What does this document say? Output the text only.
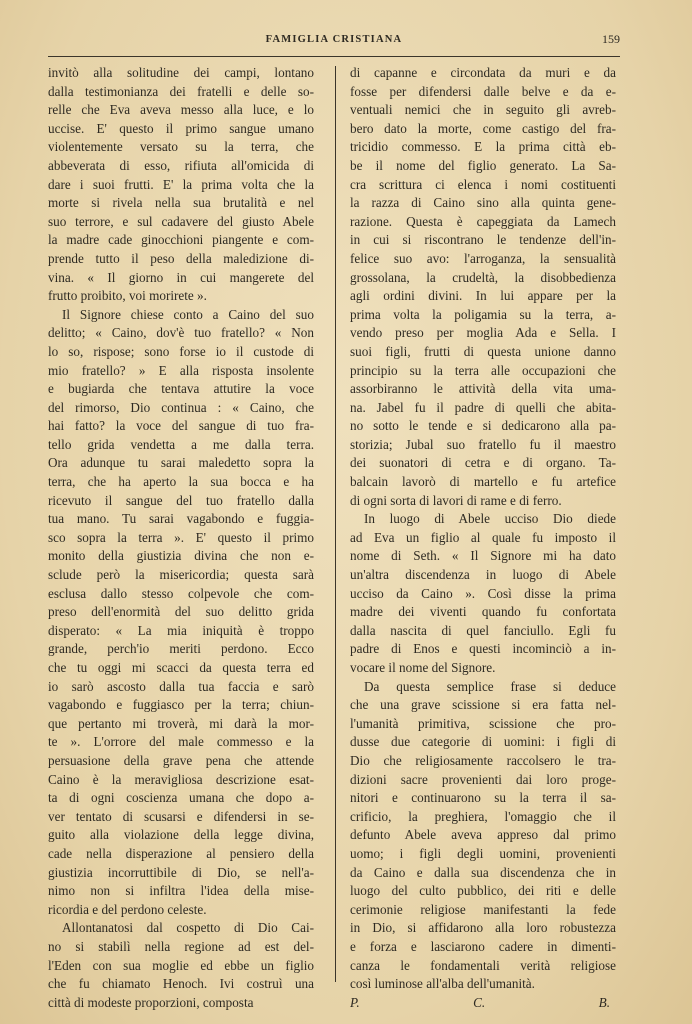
FAMIGLIA CRISTIANA	159
invitò alla solitudine dei campi, lontano
dalla testimonianza dei fratelli e delle so-
relle che Eva aveva messo alla luce, e lo
uccise. E' questo il primo sangue umano
violentemente versato su la terra, che
abbeverata di esso, rifiuta all'omicida di
dare i suoi frutti. E' la prima volta che la
morte si rivela nella sua brutalità e nel
suo terrore, e sul cadavere del giusto Abele
la madre cade ginocchioni piangente e com-
prende tutto il peso della maledizione di-
vina. « Il giorno in cui mangerete del
frutto proibito, voi morirete ».
Il Signore chiese conto a Caino del suo
delitto; « Caino, dov'è tuo fratello? « Non
lo so, rispose; sono forse io il custode di
mio fratello? » E alla risposta insolente
e bugiarda che tentava attutire la voce
del rimorso, Dio continua : « Caino, che
hai fatto? la voce del sangue di tuo fra-
tello grida vendetta a me dalla terra.
Ora adunque tu sarai maledetto sopra la
terra, che ha aperto la sua bocca e ha
ricevuto il sangue del tuo fratello dalla
tua mano. Tu sarai vagabondo e fuggia-
sco sopra la terra ». E' questo il primo
monito della giustizia divina che non e-
sclude però la misericordia; questa sarà
esclusa dallo stesso colpevole che com-
preso dell'enormità del suo delitto grida
disperato: « La mia iniquità è troppo
grande, perch'io meriti perdono. Ecco
che tu oggi mi scacci da questa terra ed
io sarò ascosto dalla tua faccia e sarò
vagabondo e fuggiasco per la terra; chiun-
que pertanto mi troverà, mi darà la mor-
te ». L'orrore del male commesso e la
persuasione della grave pena che attende
Caino è la meravigliosa descrizione esat-
ta di ogni coscienza umana che dopo a-
ver tentato di scusarsi e difendersi in se-
guito alla violazione della legge divina,
cade nella disperazione al pensiero della
giustizia incorruttibile di Dio, se nell'a-
nimo non si infiltra l'idea della mise-
ricordia e del perdono celeste.
Allontanatosi dal cospetto di Dio Cai-
no si stabilì nella regione ad est del-
l'Eden con sua moglie ed ebbe un figlio
che fu chiamato Henoch. Ivi costruì una
città di modeste proporzioni, composta
di capanne e circondata da muri e da
fosse per difendersi dalle belve e da e-
ventuali nemici che in seguito gli avreb-
bero dato la morte, come castigo del fra-
tricidio commesso. E la prima città eb-
be il nome del figlio generato. La Sa-
cra scrittura ci elenca i nomi costituenti
la razza di Caino sino alla quinta gene-
razione. Questa è capeggiata da Lamech
in cui si riscontrano le tendenze dell'in-
felice suo avo: l'arroganza, la sensualità
grossolana, la crudeltà, la disobbedienza
agli ordini divini. In lui appare per la
prima volta la poligamia su la terra, a-
vendo preso per moglia Ada e Sella. I
suoi figli, frutti di questa unione danno
principio su la terra alle occupazioni che
assorbiranno le attività della vita uma-
na. Jabel fu il padre di quelli che abita-
no sotto le tende e si dedicarono alla pa-
storizia; Jubal suo fratello fu il maestro
dei suonatori di cetra e di organo. Ta-
balcain lavorò di martello e fu artefice
di ogni sorta di lavori di rame e di ferro.
In luogo di Abele ucciso Dio diede
ad Eva un figlio al quale fu imposto il
nome di Seth. « Il Signore mi ha dato
un'altra discendenza in luogo di Abele
ucciso da Caino ». Così disse la prima
madre dei viventi quando fu confortata
dalla nascita di quel fanciullo. Egli fu
padre di Enos e questi incominciò a in-
vocare il nome del Signore.
Da questa semplice frase si deduce
che una grave scissione si era fatta nel-
l'umanità primitiva, scissione che pro-
dusse due categorie di uomini: i figli di
Dio che religiosamente raccolsero le tra-
dizioni sacre provenienti dai loro proge-
nitori e continuarono su la terra il sa-
crificio, la preghiera, l'omaggio che il
defunto Abele aveva appreso dal primo
uomo; i figli degli uomini, provenienti
da Caino e dalla sua discendenza che in
luogo del culto pubblico, dei riti e delle
cerimonie religiose manifestanti la fede
in Dio, si affidarono alla loro robustezza
e forza e lasciarono cadere in dimenti-
canza le fondamentali verità religiose
così luminose all'alba dell'umanità.
P. C. B.
